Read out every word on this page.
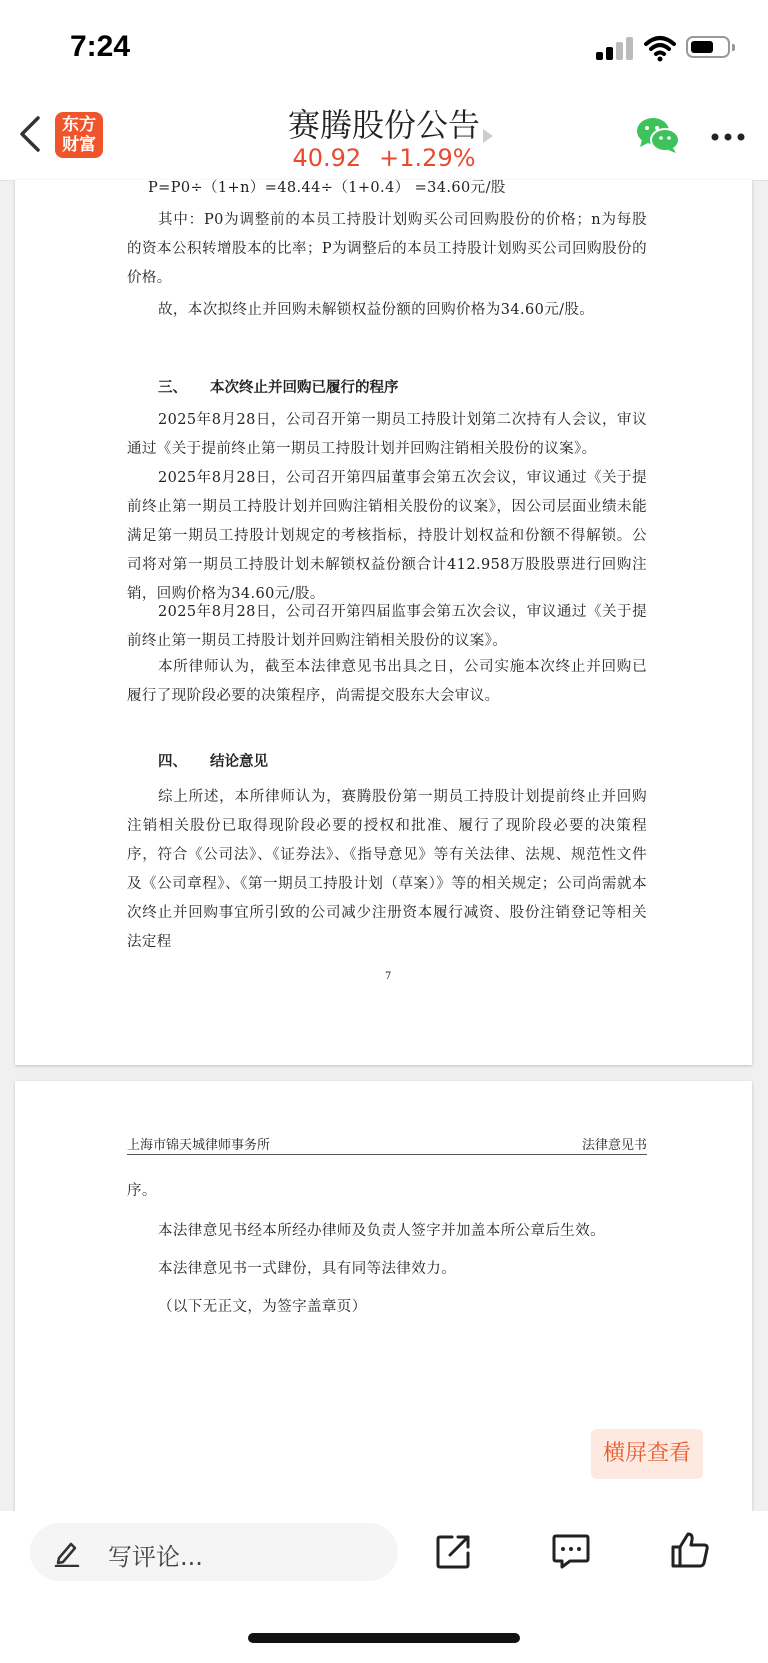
7:24
东方
财富
赛腾股份公告
40.92 +1.29%
P=P0÷（1+n）=48.44÷（1+0.4） =34.60元/股
其中：P0为调整前的本员工持股计划购买公司回购股份的价格；n为每股的资本公积转增股本的比率；P为调整后的本员工持股计划购买公司回购股份的价格。
故，本次拟终止并回购未解锁权益份额的回购价格为34.60元/股。
三、 本次终止并回购已履行的程序
2025年8月28日，公司召开第一期员工持股计划第二次持有人会议，审议通过《关于提前终止第一期员工持股计划并回购注销相关股份的议案》。
2025年8月28日，公司召开第四届董事会第五次会议，审议通过《关于提前终止第一期员工持股计划并回购注销相关股份的议案》，因公司层面业绩未能满足第一期员工持股计划规定的考核指标，持股计划权益和份额不得解锁。公司将对第一期员工持股计划未解锁权益份额合计412.958万股股票进行回购注销，回购价格为34.60元/股。
2025年8月28日，公司召开第四届监事会第五次会议，审议通过《关于提前终止第一期员工持股计划并回购注销相关股份的议案》。
本所律师认为，截至本法律意见书出具之日，公司实施本次终止并回购已履行了现阶段必要的决策程序，尚需提交股东大会审议。
四、 结论意见
综上所述，本所律师认为，赛腾股份第一期员工持股计划提前终止并回购注销相关股份已取得现阶段必要的授权和批准、履行了现阶段必要的决策程序，符合《公司法》、《证券法》、《指导意见》等有关法律、法规、规范性文件及《公司章程》、《第一期员工持股计划（草案）》等的相关规定；公司尚需就本次终止并回购事宜所引致的公司减少注册资本履行减资、股份注销登记等相关法定程
7
上海市锦天城律师事务所	法律意见书
序。
本法律意见书经本所经办律师及负责人签字并加盖本所公章后生效。
本法律意见书一式肆份，具有同等法律效力。
（以下无正文，为签字盖章页）
横屏查看
写评论...
